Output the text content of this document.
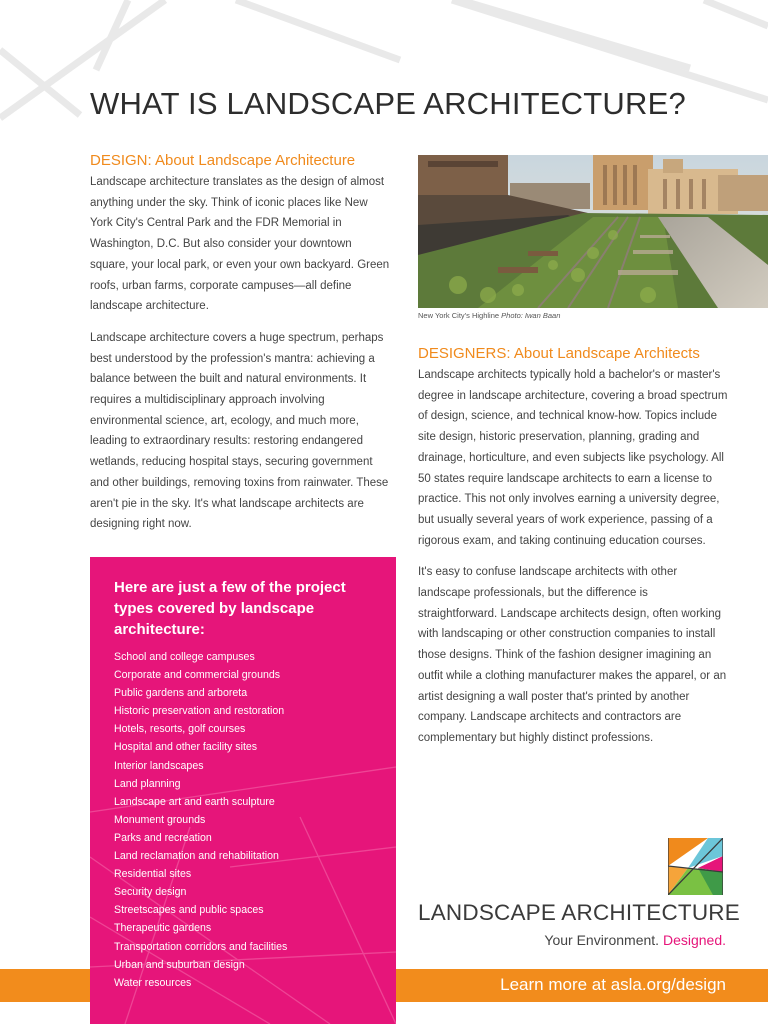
WHAT IS LANDSCAPE ARCHITECTURE?
DESIGN: About Landscape Architecture

Landscape architecture translates as the design of almost anything under the sky. Think of iconic places like New York City's Central Park and the FDR Memorial in Washington, D.C. But also consider your downtown square, your local park, or even your own backyard. Green roofs, urban farms, corporate campuses—all define landscape architecture.

Landscape architecture covers a huge spectrum, perhaps best understood by the profession's mantra: achieving a balance between the built and natural environments. It requires a multidisciplinary approach involving environmental science, art, ecology, and much more, leading to extraordinary results: restoring endangered wetlands, reducing hospital stays, securing government and other buildings, removing toxins from rainwater. These aren't pie in the sky. It's what landscape architects are designing right now.

New York City's Highline Photo: Iwan Baan
DESIGNERS: About Landscape Architects

Landscape architects typically hold a bachelor's or master's degree in landscape architecture, covering a broad spectrum of design, science, and technical know-how. Topics include site design, historic preservation, planning, grading and drainage, horticulture, and even subjects like psychology. All 50 states require landscape architects to earn a license to practice. This not only involves earning a university degree, but usually several years of work experience, passing of a rigorous exam, and taking continuing education courses.

It's easy to confuse landscape architects with other landscape professionals, but the difference is straightforward. Landscape architects design, often working with landscaping or other construction companies to install those designs. Think of the fashion designer imagining an outfit while a clothing manufacturer makes the apparel, or an artist designing a wall poster that's printed by another company. Landscape architects and contractors are complementary but highly distinct professions.

Here are just a few of the project types covered by landscape architecture:
School and college campuses
Corporate and commercial grounds
Public gardens and arboreta
Historic preservation and restoration
Hotels, resorts, golf courses
Hospital and other facility sites
Interior landscapes
Land planning
Landscape art and earth sculpture
Monument grounds
Parks and recreation
Land reclamation and rehabilitation
Residential sites
Security design
Streetscapes and public spaces
Therapeutic gardens
Transportation corridors and facilities
Urban and suburban design
Water resources
LANDSCAPE ARCHITECTURE
Your Environment. Designed.
Learn more at asla.org/design
